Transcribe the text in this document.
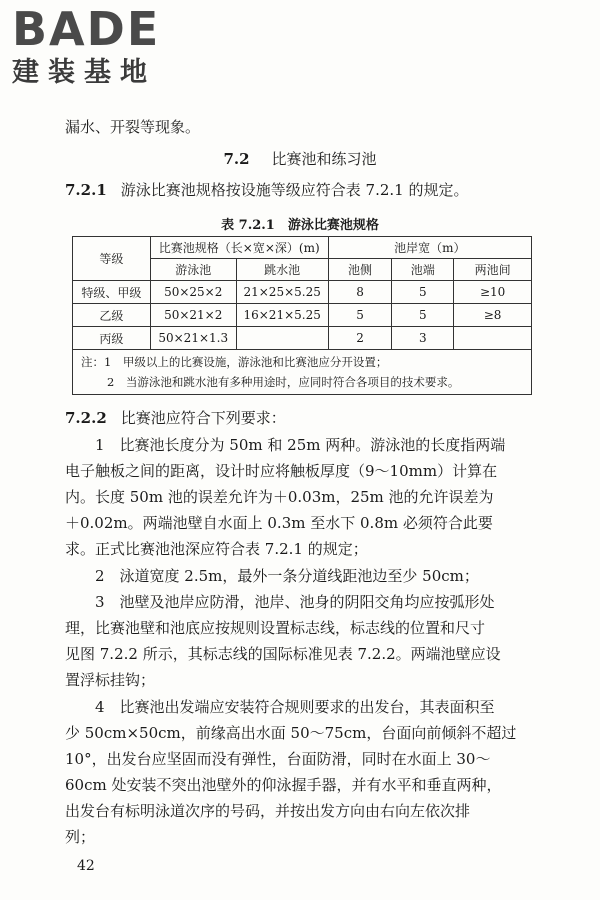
BADE
建装基地
漏水、开裂等现象。
7.2 比赛池和练习池
7.2.1 游泳比赛池规格按设施等级应符合表 7.2.1 的规定。
表 7.2.1　游泳比赛池规格
等级	比赛池规格（长×宽×深）(m)		池岸宽（m）		
	游泳池	跳水池	池侧	池端	两池间
特级、甲级	50×25×2	21×25×5.25	8	5	≥10
乙级	50×21×2	16×21×5.25	5	5	≥8
丙级	50×21×1.3		2	3	

注：1　甲级以上的比赛设施，游泳池和比赛池应分开设置；
2　当游泳池和跳水池有多种用途时，应同时符合各项目的技术要求。					
7.2.2 比赛池应符合下列要求：
1　比赛池长度分为 50m 和 25m 两种。游泳池的长度指两端
电子触板之间的距离，设计时应将触板厚度（9～10mm）计算在
内。长度 50m 池的误差允许为＋0.03m，25m 池的允许误差为
＋0.02m。两端池壁自水面上 0.3m 至水下 0.8m 必须符合此要
求。正式比赛池池深应符合表 7.2.1 的规定；
2　泳道宽度 2.5m，最外一条分道线距池边至少 50cm；
3　池壁及池岸应防滑，池岸、池身的阴阳交角均应按弧形处
理，比赛池壁和池底应按规则设置标志线，标志线的位置和尺寸
见图 7.2.2 所示，其标志线的国际标准见表 7.2.2。两端池壁应设
置浮标挂钩；
4　比赛池出发端应安装符合规则要求的出发台，其表面积至
少 50cm×50cm，前缘高出水面 50～75cm，台面向前倾斜不超过
10°，出发台应坚固而没有弹性，台面防滑，同时在水面上 30～
60cm 处安装不突出池壁外的仰泳握手器，并有水平和垂直两种，
出发台有标明泳道次序的号码，并按出发方向由右向左依次排
列；
42
